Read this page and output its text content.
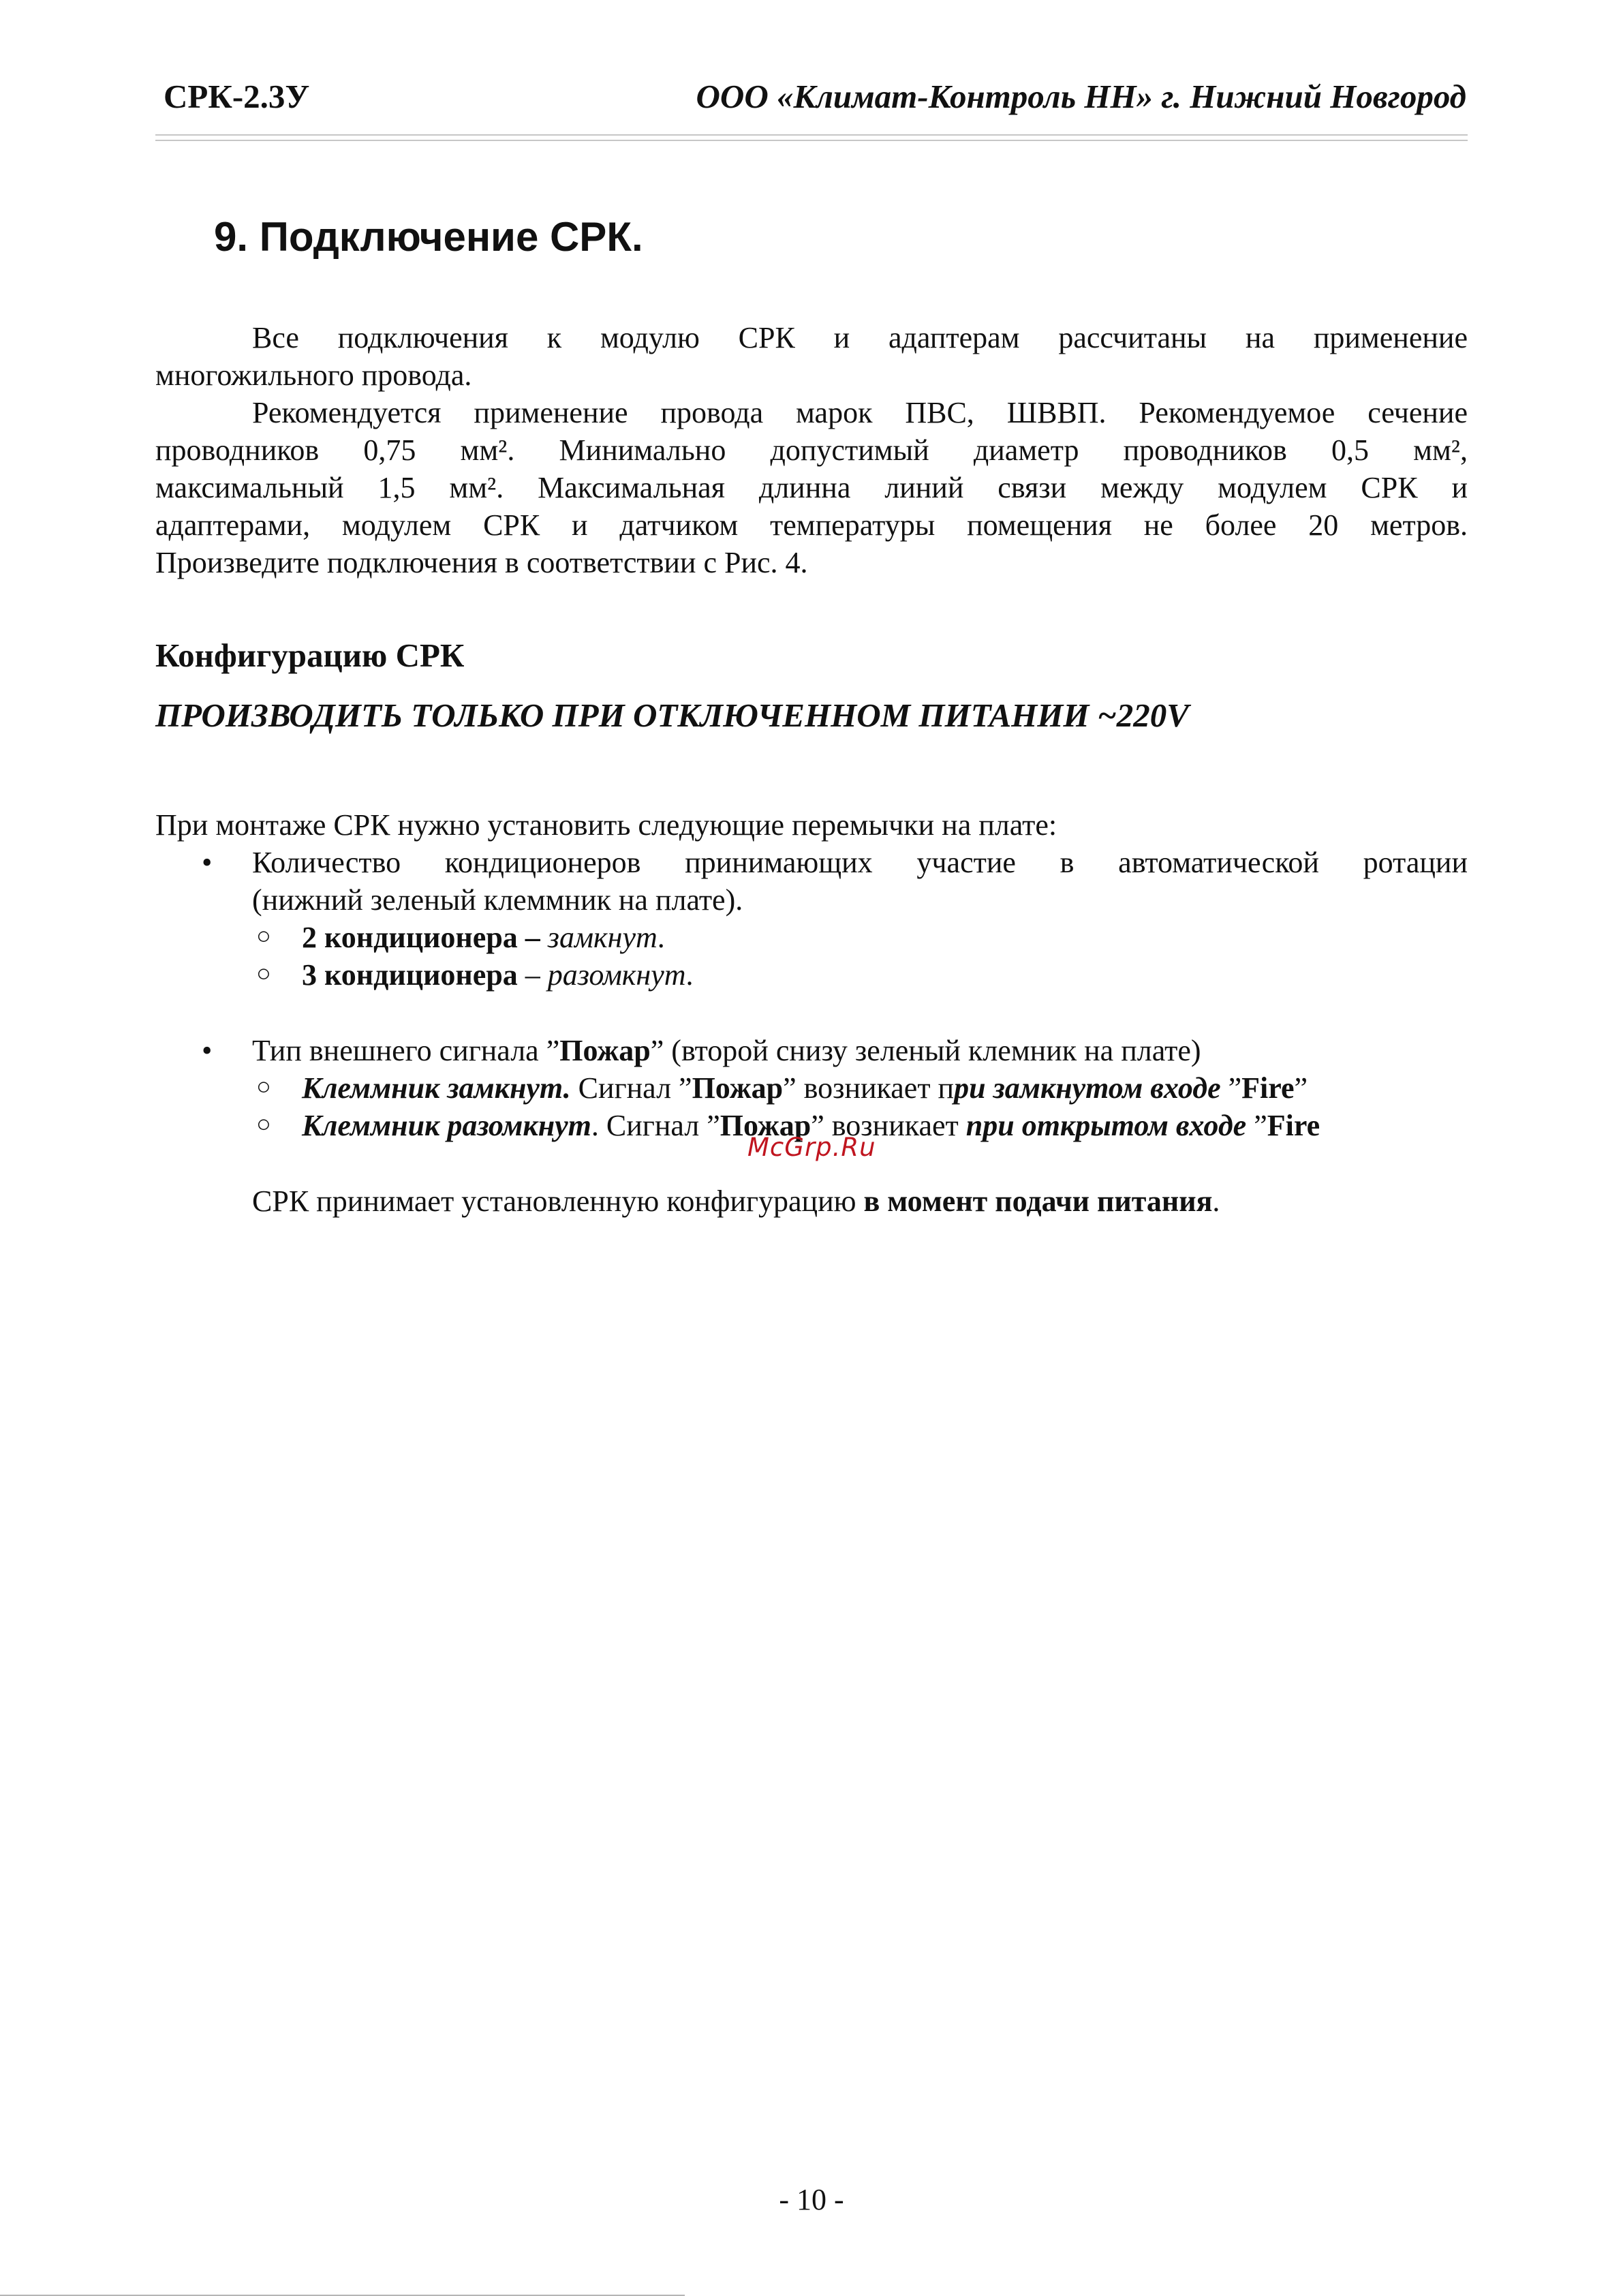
СРК-2.3У	ООО «Климат-Контроль НН» г. Нижний Новгород
9. Подключение СРК.
Все подключения к модулю СРК и адаптерам рассчитаны на применение
многожильного провода.
Рекомендуется применение провода марок ПВС, ШВВП. Рекомендуемое сечение
проводников 0,75 мм². Минимально допустимый диаметр проводников 0,5 мм²,
максимальный 1,5 мм². Максимальная длинна линий связи между модулем СРК и
адаптерами, модулем СРК и датчиком температуры помещения не более 20 метров.
Произведите подключения в соответствии с Рис. 4.
Конфигурацию СРК
ПРОИЗВОДИТЬ ТОЛЬКО ПРИ ОТКЛЮЧЕННОМ ПИТАНИИ ~220V
При монтаже СРК нужно установить следующие перемычки на плате:
• Количество кондиционеров принимающих участие в автоматической ротации
(нижний зеленый клеммник на плате).
○ 2 кондиционера – замкнут.
○ 3 кондиционера – разомкнут.
• Тип внешнего сигнала ”Пожар” (второй снизу зеленый клемник на плате)
○ Клеммник замкнут. Сигнал ”Пожар” возникает при замкнутом входе ”Fire”
○ Клеммник разомкнут. Сигнал ”Пожар” возникает при открытом входе ”Fire
McGrp.Ru
СРК принимает установленную конфигурацию в момент подачи питания.
- 10 -
